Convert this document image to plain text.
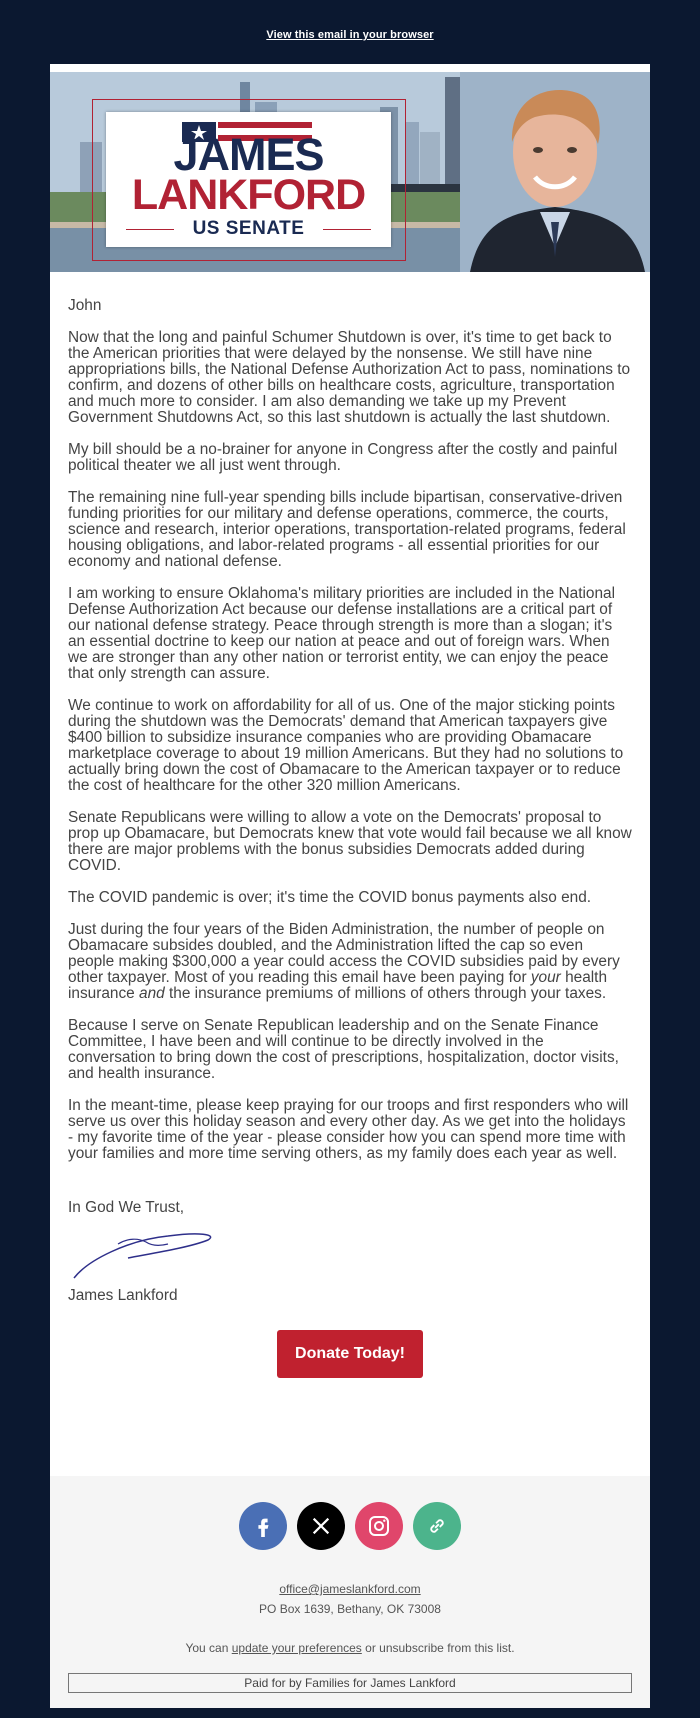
View this email in your browser
JAMES
LANKFORD
US SENATE

John

Now that the long and painful Schumer Shutdown is over, it's time to get back to the American priorities that were delayed by the nonsense. We still have nine appropriations bills, the National Defense Authorization Act to pass, nominations to confirm, and dozens of other bills on healthcare costs, agriculture, transportation and much more to consider. I am also demanding we take up my Prevent Government Shutdowns Act, so this last shutdown is actually the last shutdown.

My bill should be a no-brainer for anyone in Congress after the costly and painful political theater we all just went through.

The remaining nine full-year spending bills include bipartisan, conservative-driven funding priorities for our military and defense operations, commerce, the courts, science and research, interior operations, transportation-related programs, federal housing obligations, and labor-related programs - all essential priorities for our economy and national defense.

I am working to ensure Oklahoma's military priorities are included in the National Defense Authorization Act because our defense installations are a critical part of our national defense strategy. Peace through strength is more than a slogan; it's an essential doctrine to keep our nation at peace and out of foreign wars. When we are stronger than any other nation or terrorist entity, we can enjoy the peace that only strength can assure.

We continue to work on affordability for all of us. One of the major sticking points during the shutdown was the Democrats' demand that American taxpayers give $400 billion to subsidize insurance companies who are providing Obamacare marketplace coverage to about 19 million Americans. But they had no solutions to actually bring down the cost of Obamacare to the American taxpayer or to reduce the cost of healthcare for the other 320 million Americans.

Senate Republicans were willing to allow a vote on the Democrats' proposal to prop up Obamacare, but Democrats knew that vote would fail because we all know there are major problems with the bonus subsidies Democrats added during COVID.

The COVID pandemic is over; it's time the COVID bonus payments also end.

Just during the four years of the Biden Administration, the number of people on Obamacare subsides doubled, and the Administration lifted the cap so even people making $300,000 a year could access the COVID subsidies paid by every other taxpayer. Most of you reading this email have been paying for your health insurance and the insurance premiums of millions of others through your taxes.

Because I serve on Senate Republican leadership and on the Senate Finance Committee, I have been and will continue to be directly involved in the conversation to bring down the cost of prescriptions, hospitalization, doctor visits, and health insurance.

In the meant-time, please keep praying for our troops and first responders who will serve us over this holiday season and every other day. As we get into the holidays - my favorite time of the year - please consider how you can spend more time with your families and more time serving others, as my family does each year as well.

In God We Trust,
James Lankford
Donate Today!
office@jameslankford.com
PO Box 1639, Bethany, OK 73008
You can update your preferences or unsubscribe from this list.
Paid for by Families for James Lankford
